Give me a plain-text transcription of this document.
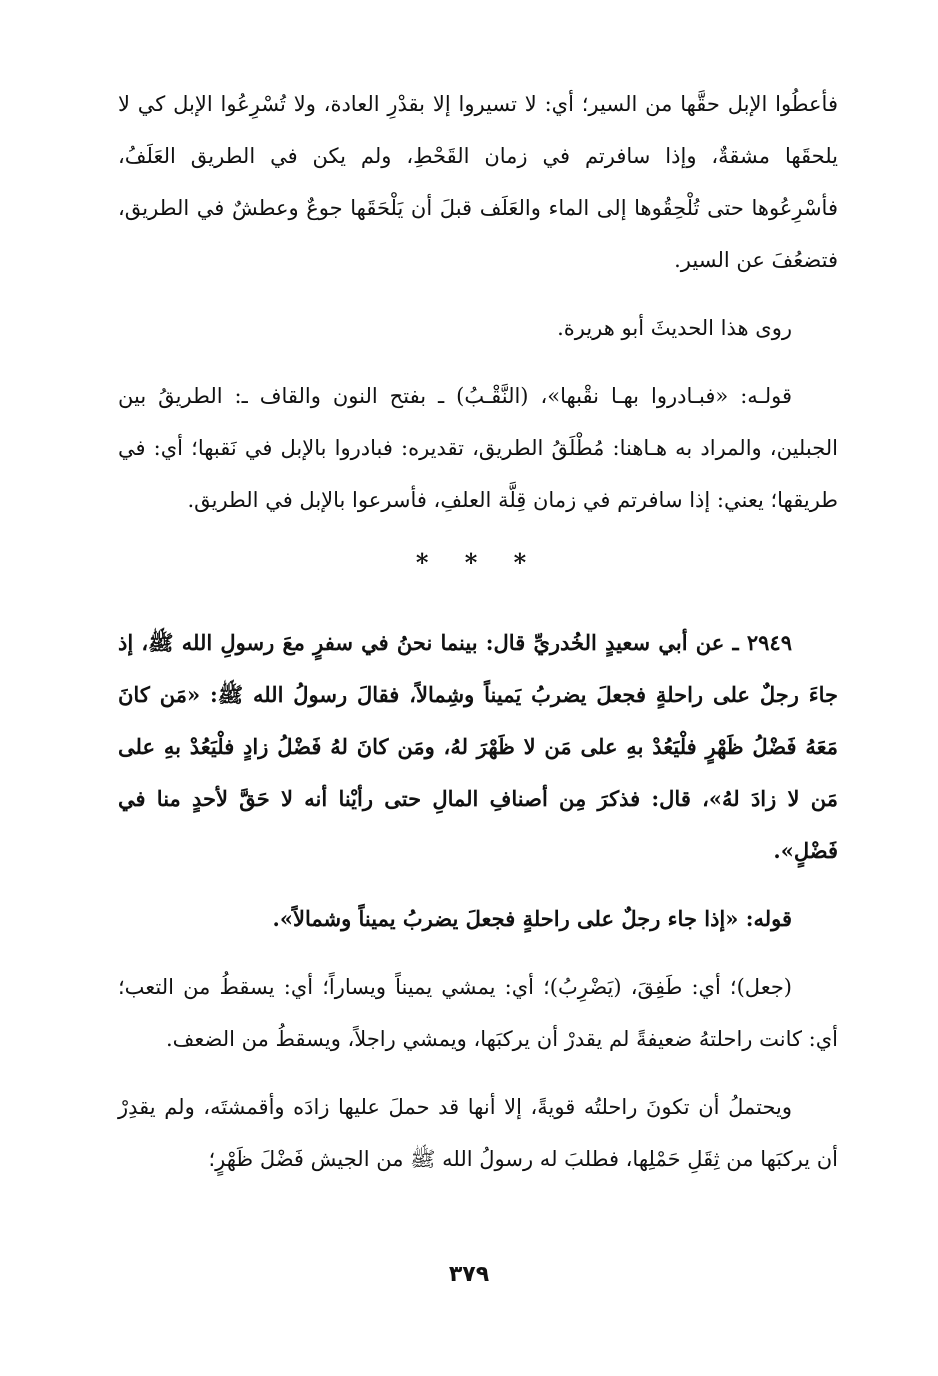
فأعطُوا الإبل حقَّها من السير؛ أي: لا تسيروا إلا بقدْرِ العادة، ولا تُسْرِعُوا الإبل كي لا يلحقَها مشقةٌ، وإذا سافرتم في زمان القَحْطِ، ولم يكن في الطريق العَلَفُ، فأسْرِعُوها حتى تُلْحِقُوها إلى الماء والعَلَف قبلَ أن يَلْحَقَها جوعٌ وعطشٌ في الطريق، فتضعُفَ عن السير.

روى هذا الحديثَ أبو هريرة.

قولـه: «فبـادروا بهـا نقْبها»، (النَّقْـبُ) ـ بفتح النون والقاف ـ: الطريقُ بين الجبلين، والمراد به هـاهنا: مُطْلَقُ الطريق، تقديره: فبادروا بالإبل في نَقبها؛ أي: في طريقها؛ يعني: إذا سافرتم في زمان قِلَّة العلفِ، فأسرعوا بالإبل في الطريق.

* * *

٢٩٤٩ ـ عن أبي سعيدٍ الخُدريِّ قال: بينما نحنُ في سفرٍ معَ رسولِ الله ﷺ، إذ جاءَ رجلٌ على راحلةٍ فجعلَ يضربُ يَميناً وشِمالاً، فقالَ رسولُ الله ﷺ: «مَن كانَ مَعَهُ فَضْلُ ظَهْرٍ فلْيَعُدْ بهِ على مَن لا ظَهْرَ لهُ، ومَن كانَ لهُ فَضْلُ زادٍ فلْيَعُدْ بهِ على مَن لا زادَ لهُ»، قال: فذكرَ مِن أصنافِ المالِ حتى رأيْنا أنه لا حَقَّ لأحدٍ منا في فَضْلٍ».

قوله: «إذا جاء رجلٌ على راحلةٍ فجعلَ يضربُ يميناً وشمالاً».

(جعل)؛ أي: طَفِقَ، (يَضْرِبُ)؛ أي: يمشي يميناً ويساراً؛ أي: يسقطُ من التعب؛ أي: كانت راحلتهُ ضعيفةً لم يقدرْ أن يركبَها، ويمشي راجلاً، ويسقطُ من الضعف.

ويحتملُ أن تكونَ راحلتُه قويةً، إلا أنها قد حملَ عليها زادَه وأقمشتَه، ولم يقدِرْ أن يركبَها من ثِقَلِ حَمْلِها، فطلبَ له رسولُ الله ﷺ من الجيش فَضْلَ ظَهْرٍ؛

٣٧٩
